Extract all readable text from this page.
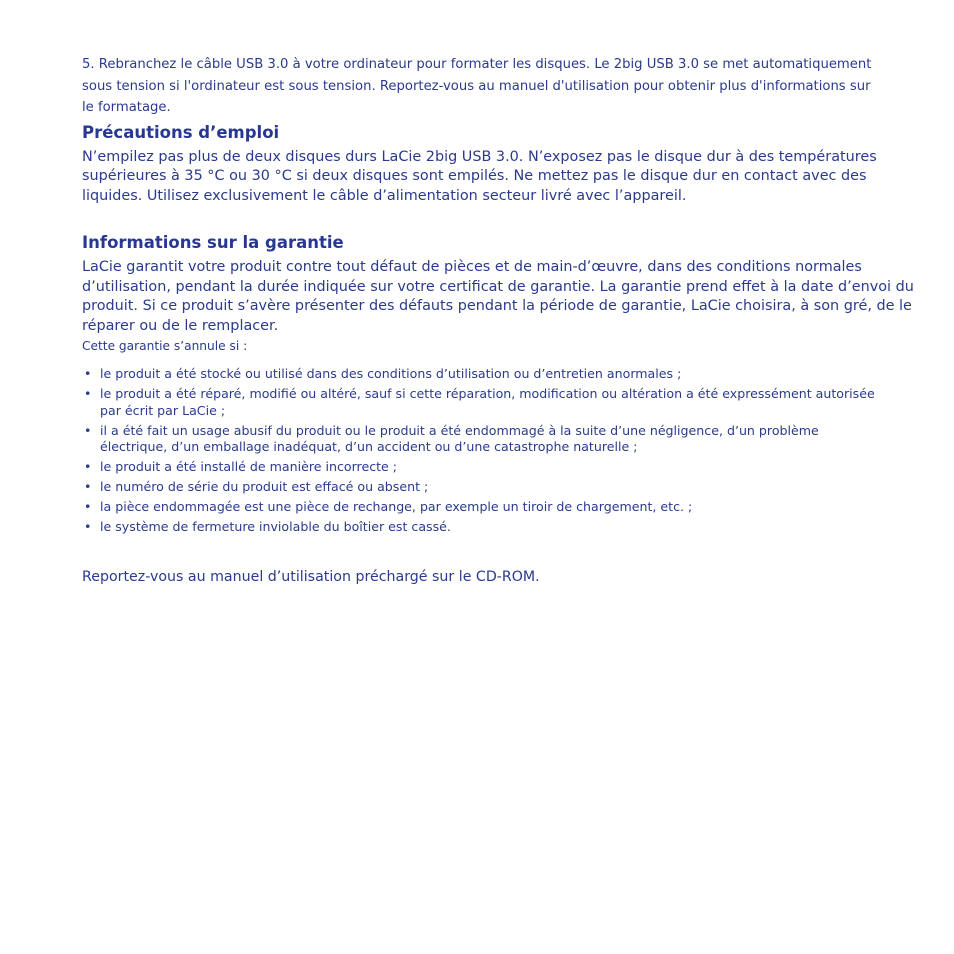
5. Rebranchez le câble USB 3.0 à votre ordinateur pour formater les disques. Le 2big USB 3.0 se met automatiquement sous tension si l'ordinateur est sous tension. Reportez-vous au manuel d'utilisation pour obtenir plus d'informations sur le formatage.

Précautions d’emploi

N’empilez pas plus de deux disques durs LaCie 2big USB 3.0. N’exposez pas le disque dur à des températures supérieures à 35 °C ou 30 °C si deux disques sont empilés. Ne mettez pas le disque dur en contact avec des liquides. Utilisez exclusivement le câble d’alimentation secteur livré avec l’appareil.

Informations sur la garantie

LaCie garantit votre produit contre tout défaut de pièces et de main-d’œuvre, dans des conditions normales d’utilisation, pendant la durée indiquée sur votre certificat de garantie. La garantie prend effet à la date d’envoi du produit. Si ce produit s’avère présenter des défauts pendant la période de garantie, LaCie choisira, à son gré, de le réparer ou de le remplacer.

Cette garantie s’annule si :

• le produit a été stocké ou utilisé dans des conditions d’utilisation ou d’entretien anormales ;
• le produit a été réparé, modifié ou altéré, sauf si cette réparation, modification ou altération a été expressément autorisée par écrit par LaCie ;
• il a été fait un usage abusif du produit ou le produit a été endommagé à la suite d’une négligence, d’un problème électrique, d’un emballage inadéquat, d’un accident ou d’une catastrophe naturelle ;
• le produit a été installé de manière incorrecte ;
• le numéro de série du produit est effacé ou absent ;
• la pièce endommagée est une pièce de rechange, par exemple un tiroir de chargement, etc. ;
• le système de fermeture inviolable du boîtier est cassé.

Reportez-vous au manuel d’utilisation préchargé sur le CD-ROM.
